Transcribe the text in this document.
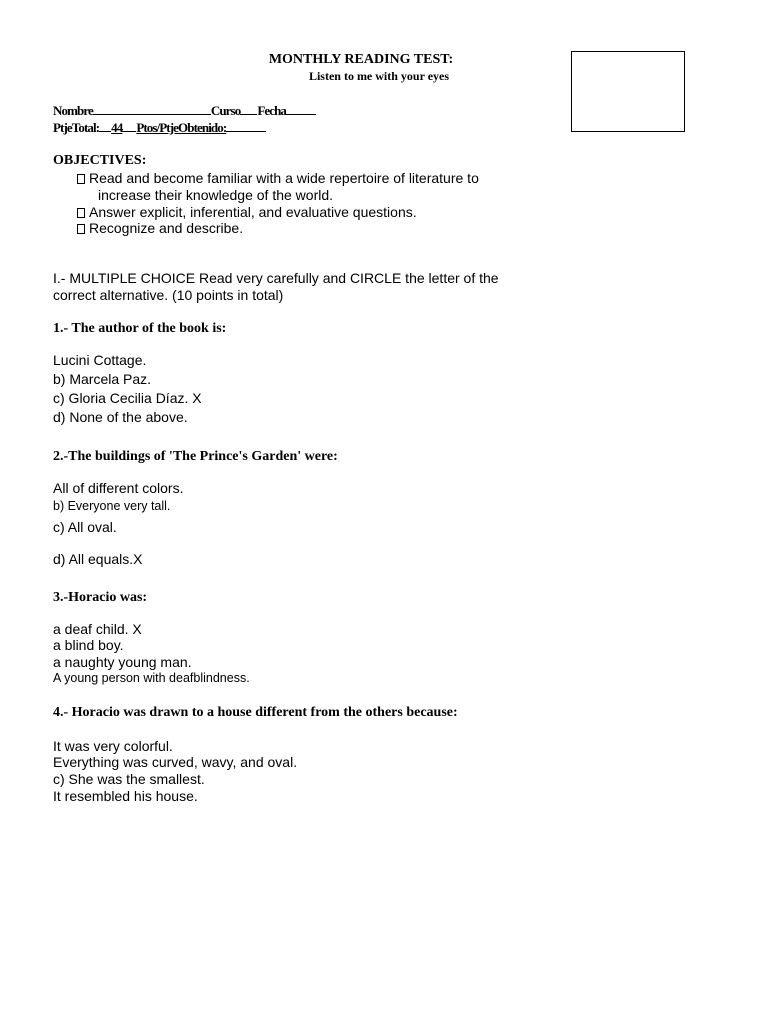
MONTHLY READING TEST:
Listen to me with your eyes
Nombre	Curso Fecha
PtjeTotal: 44 Ptos/PtjeObtenido:
OBJECTIVES:
Read and become familiar with a wide repertoire of literature to
increase their knowledge of the world.
Answer explicit, inferential, and evaluative questions.
Recognize and describe.
I.- MULTIPLE CHOICE Read very carefully and CIRCLE the letter of the
correct alternative. (10 points in total)
1.- The author of the book is:
Lucini Cottage.
b) Marcela Paz.
c) Gloria Cecilia Díaz. X
d) None of the above.
2.-The buildings of 'The Prince's Garden' were:
All of different colors.
b) Everyone very tall.
c) All oval.
d) All equals.X
3.-Horacio was:
a deaf child. X
a blind boy.
a naughty young man.
A young person with deafblindness.
4.- Horacio was drawn to a house different from the others because:
It was very colorful.
Everything was curved, wavy, and oval.
c) She was the smallest.
It resembled his house.
